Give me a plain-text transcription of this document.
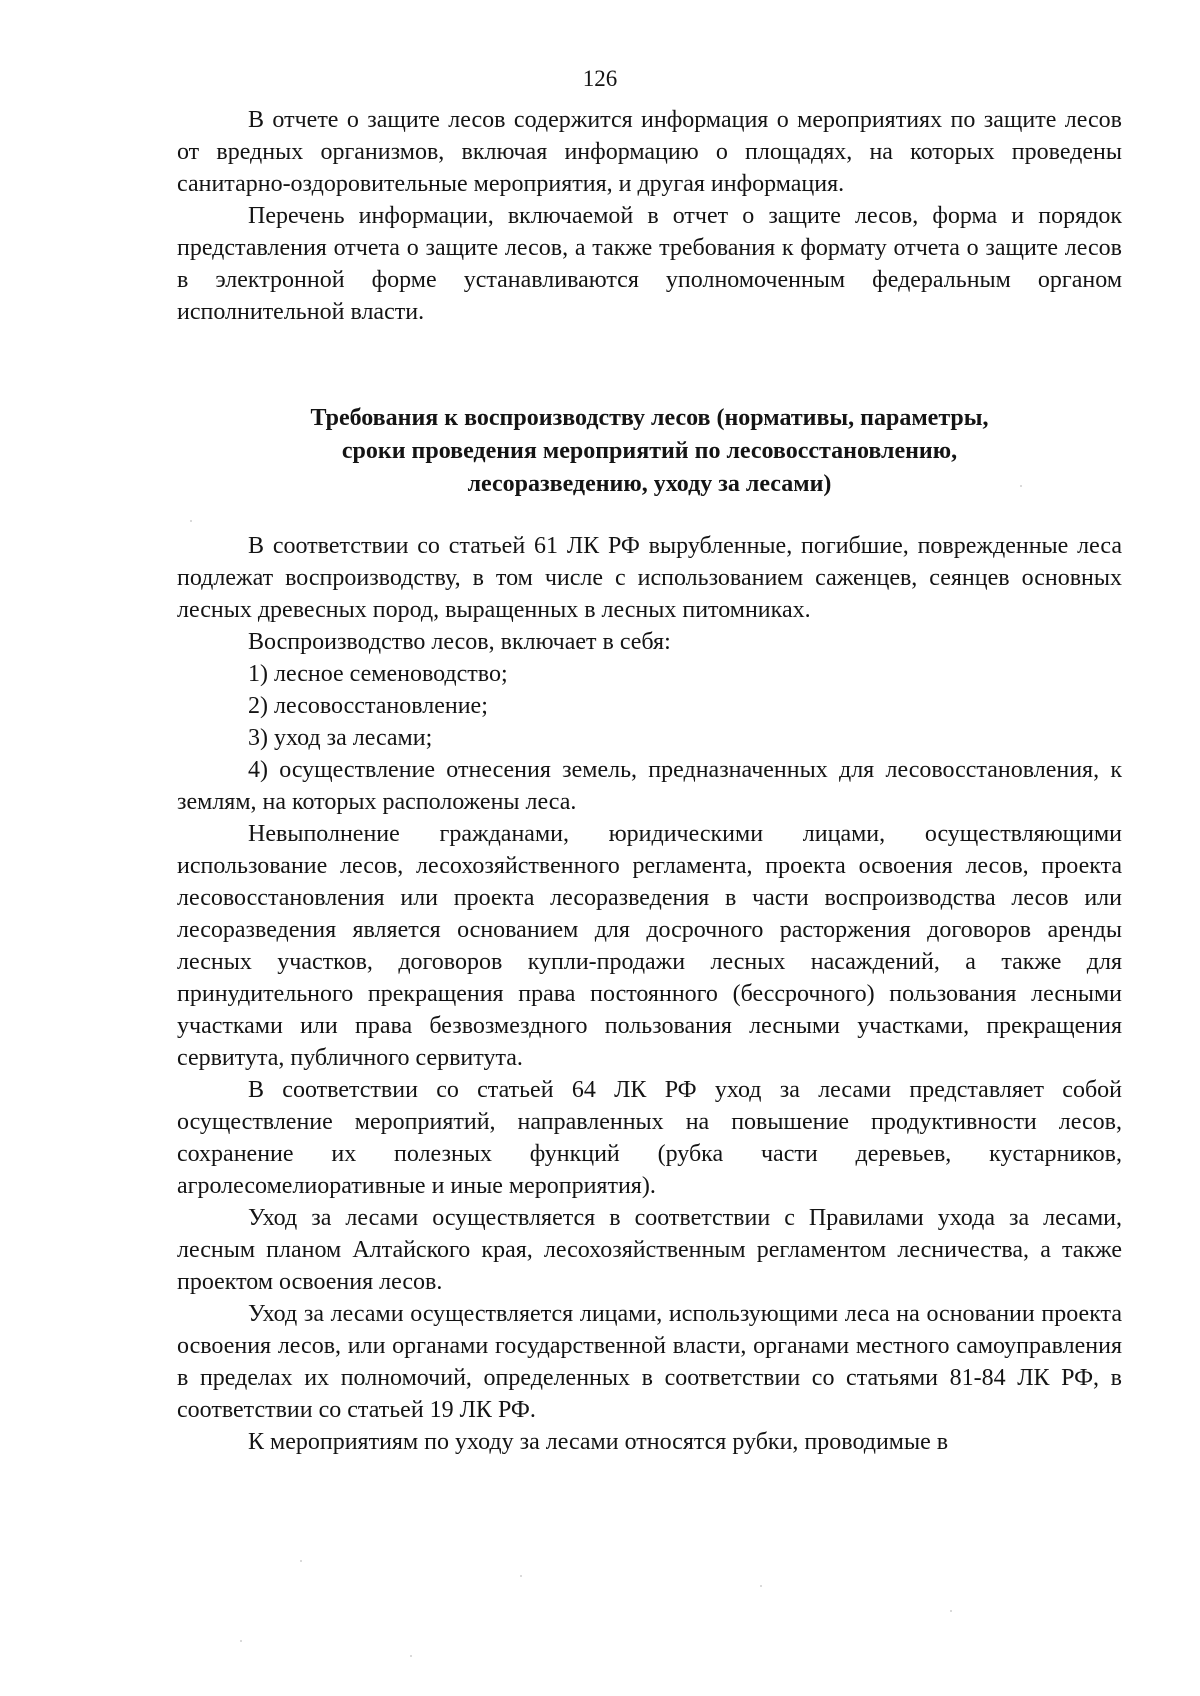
126

В отчете о защите лесов содержится информация о мероприятиях по защите лесов от вредных организмов, включая информацию о площадях, на которых проведены санитарно-оздоровительные мероприятия, и другая информация.

Перечень информации, включаемой в отчет о защите лесов, форма и порядок представления отчета о защите лесов, а также требования к формату отчета о защите лесов в электронной форме устанавливаются уполномоченным федеральным органом исполнительной власти.

Требования к воспроизводству лесов (нормативы, параметры,
сроки проведения мероприятий по лесовосстановлению,
лесоразведению, уходу за лесами)

В соответствии со статьей 61 ЛК РФ вырубленные, погибшие, поврежденные леса подлежат воспроизводству, в том числе с использованием саженцев, сеянцев основных лесных древесных пород, выращенных в лесных питомниках.

Воспроизводство лесов, включает в себя:

1) лесное семеноводство;

2) лесовосстановление;

3) уход за лесами;

4) осуществление отнесения земель, предназначенных для лесовосстановления, к землям, на которых расположены леса.

Невыполнение гражданами, юридическими лицами, осуществляющими использование лесов, лесохозяйственного регламента, проекта освоения лесов, проекта лесовосстановления или проекта лесоразведения в части воспроизводства лесов или лесоразведения является основанием для досрочного расторжения договоров аренды лесных участков, договоров купли-продажи лесных насаждений, а также для принудительного прекращения права постоянного (бессрочного) пользования лесными участками или права безвозмездного пользования лесными участками, прекращения сервитута, публичного сервитута.

В соответствии со статьей 64 ЛК РФ уход за лесами представляет собой осуществление мероприятий, направленных на повышение продуктивности лесов, сохранение их полезных функций (рубка части деревьев, кустарников, агролесомелиоративные и иные мероприятия).

Уход за лесами осуществляется в соответствии с Правилами ухода за лесами, лесным планом Алтайского края, лесохозяйственным регламентом лесничества, а также проектом освоения лесов.

Уход за лесами осуществляется лицами, использующими леса на основании проекта освоения лесов, или органами государственной власти, органами местного самоуправления в пределах их полномочий, определенных в соответствии со статьями 81-84 ЛК РФ, в соответствии со статьей 19 ЛК РФ.

К мероприятиям по уходу за лесами относятся рубки, проводимые в
